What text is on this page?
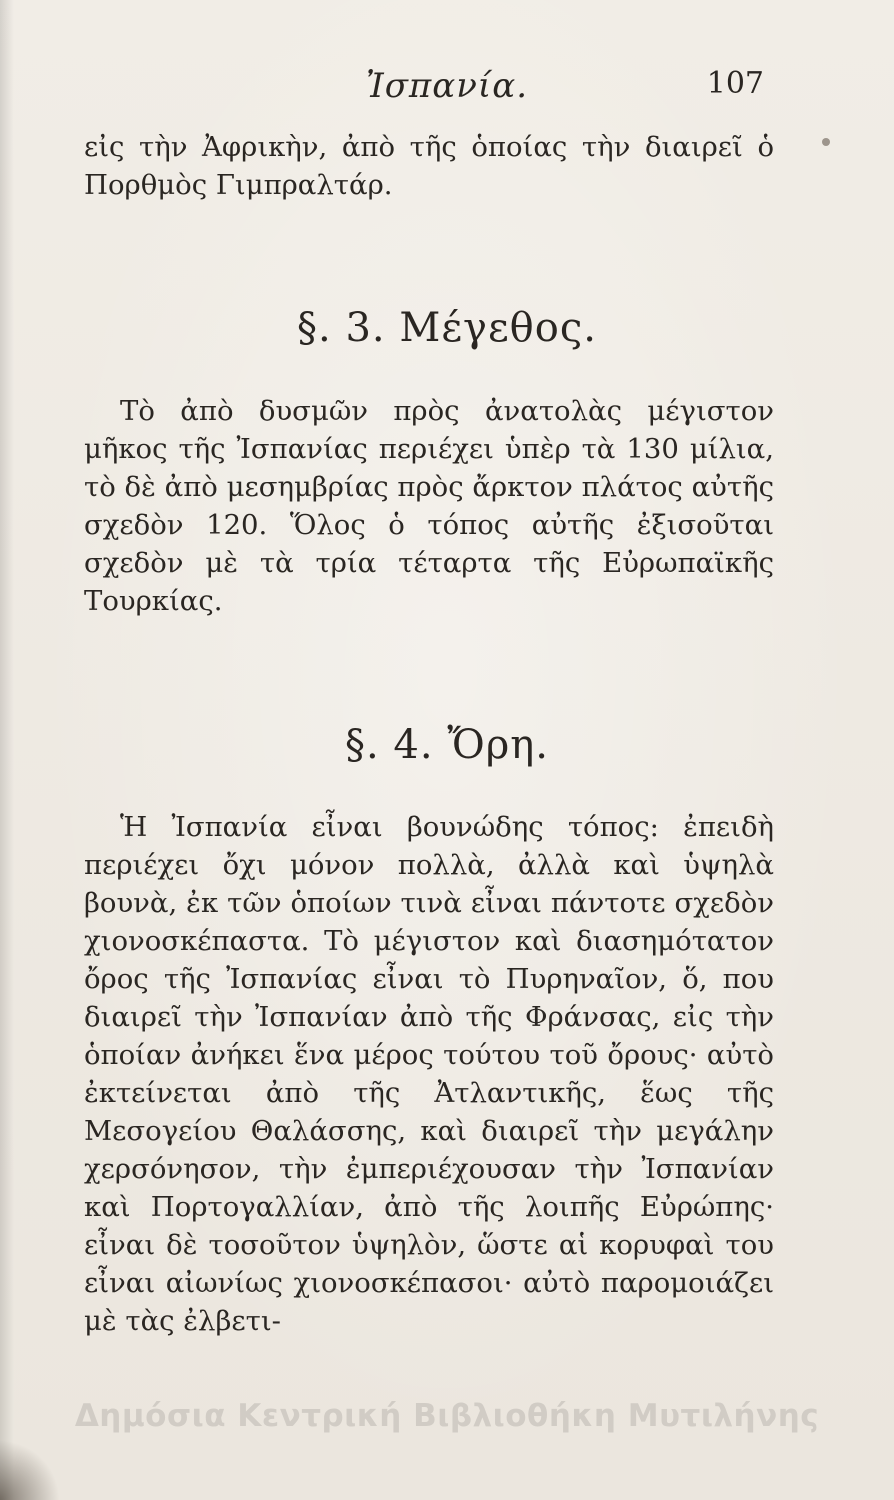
Ἰσπανία.	107

εἰς τὴν Ἀφρικὴν, ἀπὸ τῆς ὁποίας τὴν διαιρεῖ ὁ Πορθμὸς Γιμπραλτάρ.

§. 3. Μέγεθος.

Τὸ ἀπὸ δυσμῶν πρὸς ἀνατολὰς μέγιστον μῆκος τῆς Ἰσπανίας περιέχει ὑπὲρ τὰ 130 μίλια, τὸ δὲ ἀπὸ μεσημβρίας πρὸς ἄρκτον πλάτος αὐτῆς σχεδὸν 120. Ὅλος ὁ τόπος αὐτῆς ἐξισοῦται σχεδὸν μὲ τὰ τρία τέταρτα τῆς Εὐρωπαϊκῆς Τουρκίας.

§. 4. Ὄρη.

Ἡ Ἰσπανία εἶναι βουνώδης τόπος: ἐπειδὴ περιέχει ὄχι μόνον πολλὰ, ἀλλὰ καὶ ὑψηλὰ βουνὰ, ἐκ τῶν ὁποίων τινὰ εἶναι πάντοτε σχεδὸν χιονοσκέπαστα. Τὸ μέγιστον καὶ διασημότατον ὄρος τῆς Ἰσπανίας εἶναι τὸ Πυρηναῖον, ὅ, που διαιρεῖ τὴν Ἰσπανίαν ἀπὸ τῆς Φράνσας, εἰς τὴν ὁποίαν ἀνήκει ἕνα μέρος τούτου τοῦ ὄρους· αὐτὸ ἐκτείνεται ἀπὸ τῆς Ἀτλαντικῆς, ἕως τῆς Μεσογείου Θαλάσσης, καὶ διαιρεῖ τὴν μεγάλην χερσόνησον, τὴν ἐμπεριέχουσαν τὴν Ἰσπανίαν καὶ Πορτογαλλίαν, ἀπὸ τῆς λοιπῆς Εὐρώπης· εἶναι δὲ τοσοῦτον ὑψηλὸν, ὥστε αἱ κορυφαὶ του εἶναι αἰωνίως χιονοσκέπασοι· αὐτὸ παρομοιάζει μὲ τὰς ἐλβετι-

Δημόσια Κεντρική Βιβλιοθήκη Μυτιλήνης
